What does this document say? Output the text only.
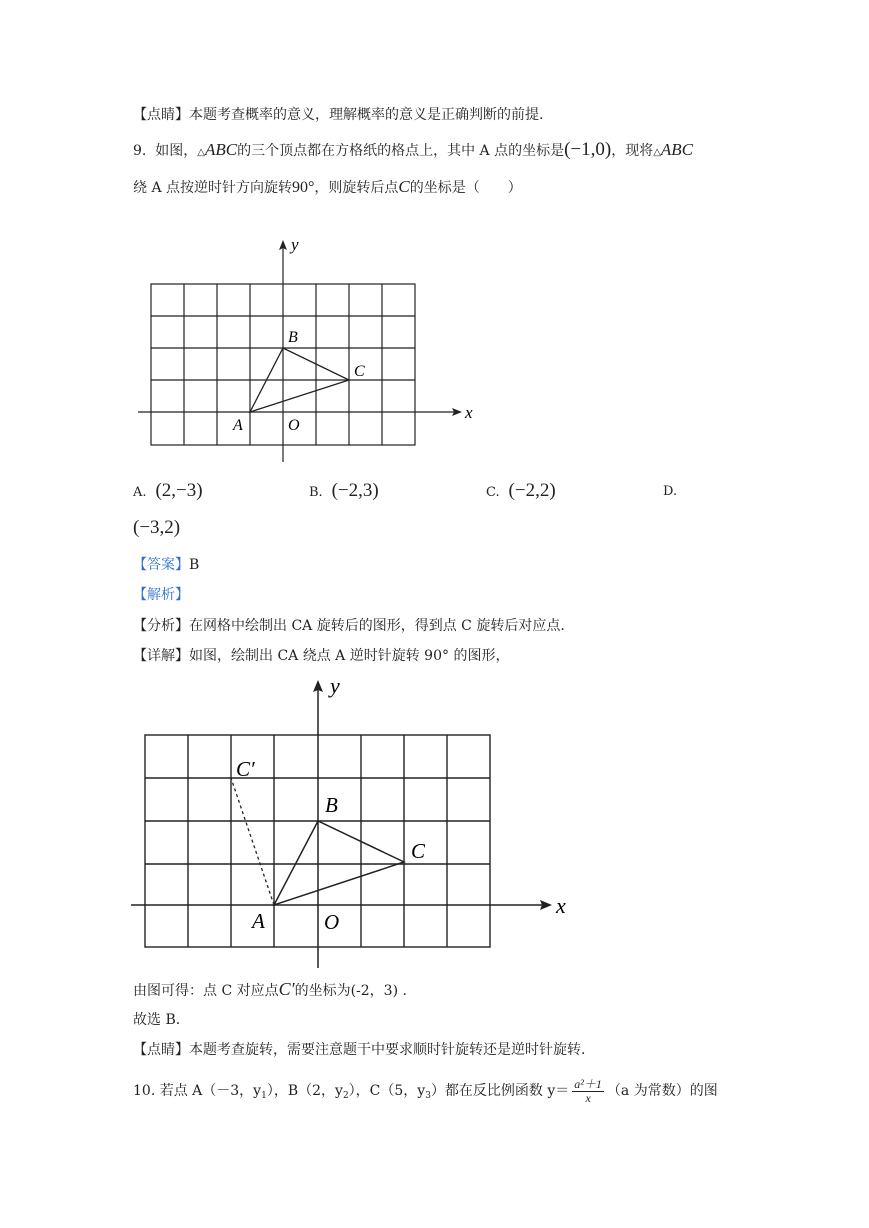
【点睛】本题考查概率的意义，理解概率的意义是正确判断的前提.
9. 如图，△ABC的三个顶点都在方格纸的格点上，其中 A 点的坐标是(−1,0)，现将△ABC
绕 A 点按逆时针方向旋转90°，则旋转后点C的坐标是（　　）
x
y
A
B
C
O
x
y
A
B
C
C′
O
A. (2,−3)	B. (−2,3)	C. (−2,2)	D.
(−3,2)
【答案】B
【解析】
【分析】在网格中绘制出 CA 旋转后的图形，得到点 C 旋转后对应点.
【详解】如图，绘制出 CA 绕点 A 逆时针旋转 90° 的图形，
由图可得：点 C 对应点C′的坐标为(-2，3) .
故选 B.
【点睛】本题考查旋转，需要注意题干中要求顺时针旋转还是逆时针旋转.
10. 若点 A（－3，$y_1$），B（2，$y_2$），C（5，$y_3$）都在反比例函数 $y= \frac{\text{a²＋1}}{x} (a$ 为常数）的图
